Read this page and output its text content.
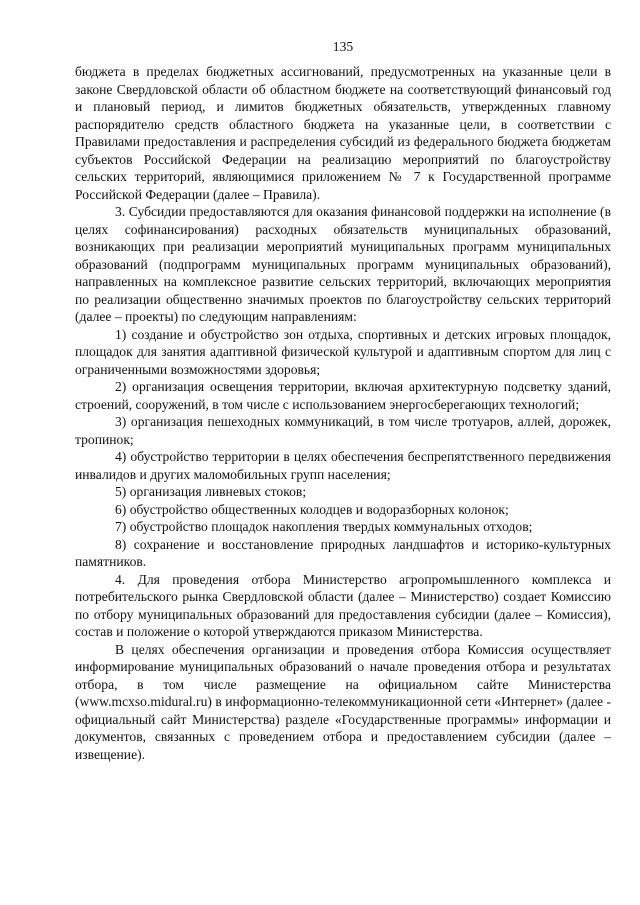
135

бюджета в пределах бюджетных ассигнований, предусмотренных на указанные цели в законе Свердловской области об областном бюджете на соответствующий финансовый год и плановый период, и лимитов бюджетных обязательств, утвержденных главному распорядителю средств областного бюджета на указанные цели, в соответствии с Правилами предоставления и распределения субсидий из федерального бюджета бюджетам субъектов Российской Федерации на реализацию мероприятий по благоустройству сельских территорий, являющимися приложением № 7 к Государственной программе Российской Федерации (далее – Правила).

3. Субсидии предоставляются для оказания финансовой поддержки на исполнение (в целях софинансирования) расходных обязательств муниципальных образований, возникающих при реализации мероприятий муниципальных программ муниципальных образований (подпрограмм муниципальных программ муниципальных образований), направленных на комплексное развитие сельских территорий, включающих мероприятия по реализации общественно значимых проектов по благоустройству сельских территорий (далее – проекты) по следующим направлениям:

1) создание и обустройство зон отдыха, спортивных и детских игровых площадок, площадок для занятия адаптивной физической культурой и адаптивным спортом для лиц с ограниченными возможностями здоровья;

2) организация освещения территории, включая архитектурную подсветку зданий, строений, сооружений, в том числе с использованием энергосберегающих технологий;

3) организация пешеходных коммуникаций, в том числе тротуаров, аллей, дорожек, тропинок;

4) обустройство территории в целях обеспечения беспрепятственного передвижения инвалидов и других маломобильных групп населения;

5) организация ливневых стоков;

6) обустройство общественных колодцев и водоразборных колонок;

7) обустройство площадок накопления твердых коммунальных отходов;

8) сохранение и восстановление природных ландшафтов и историко-культурных памятников.

4. Для проведения отбора Министерство агропромышленного комплекса и потребительского рынка Свердловской области (далее – Министерство) создает Комиссию по отбору муниципальных образований для предоставления субсидии (далее – Комиссия), состав и положение о которой утверждаются приказом Министерства.

В целях обеспечения организации и проведения отбора Комиссия осуществляет информирование муниципальных образований о начале проведения отбора и результатах отбора, в том числе размещение на официальном сайте Министерства (www.mcxso.midural.ru) в информационно-телекоммуникационной сети «Интернет» (далее - официальный сайт Министерства) разделе «Государственные программы» информации и документов, связанных с проведением отбора и предоставлением субсидии (далее – извещение).
